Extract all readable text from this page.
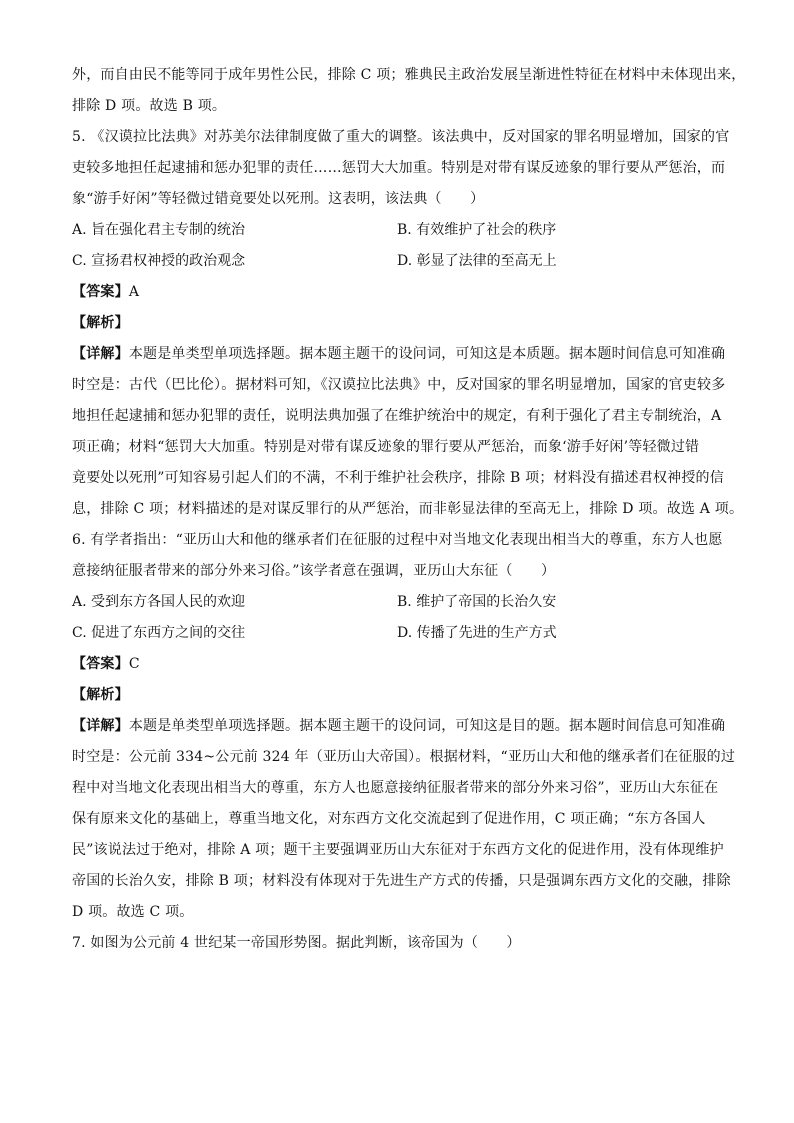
外，而自由民不能等同于成年男性公民，排除 C 项；雅典民主政治发展呈渐进性特征在材料中未体现出来，
排除 D 项。故选 B 项。
5. 《汉谟拉比法典》对苏美尔法律制度做了重大的调整。该法典中，反对国家的罪名明显增加，国家的官
吏较多地担任起逮捕和惩办犯罪的责任……惩罚大大加重。特别是对带有谋反迹象的罪行要从严惩治，而
象“游手好闲”等轻微过错竟要处以死刑。这表明，该法典（　　）
A. 旨在强化君主专制的统治	B. 有效维护了社会的秩序
C. 宣扬君权神授的政治观念	D. 彰显了法律的至高无上
【答案】A
【解析】
【详解】本题是单类型单项选择题。据本题主题干的设问词，可知这是本质题。据本题时间信息可知准确
时空是：古代（巴比伦）。据材料可知，《汉谟拉比法典》中，反对国家的罪名明显增加，国家的官吏较多
地担任起逮捕和惩办犯罪的责任，说明法典加强了在维护统治中的规定，有利于强化了君主专制统治，A
项正确；材料“惩罚大大加重。特别是对带有谋反迹象的罪行要从严惩治，而象‘游手好闲’等轻微过错
竟要处以死刑”可知容易引起人们的不满，不利于维护社会秩序，排除 B 项；材料没有描述君权神授的信
息，排除 C 项；材料描述的是对谋反罪行的从严惩治，而非彰显法律的至高无上，排除 D 项。故选 A 项。
6. 有学者指出：“亚历山大和他的继承者们在征服的过程中对当地文化表现出相当大的尊重，东方人也愿
意接纳征服者带来的部分外来习俗。”该学者意在强调，亚历山大东征（　　）
A. 受到东方各国人民的欢迎	B. 维护了帝国的长治久安
C. 促进了东西方之间的交往	D. 传播了先进的生产方式
【答案】C
【解析】
【详解】本题是单类型单项选择题。据本题主题干的设问词，可知这是目的题。据本题时间信息可知准确
时空是：公元前 334~公元前 324 年（亚历山大帝国）。根据材料，“亚历山大和他的继承者们在征服的过
程中对当地文化表现出相当大的尊重，东方人也愿意接纳征服者带来的部分外来习俗”，亚历山大东征在
保有原来文化的基础上，尊重当地文化，对东西方文化交流起到了促进作用，C 项正确；“东方各国人
民”该说法过于绝对，排除 A 项；题干主要强调亚历山大东征对于东西方文化的促进作用，没有体现维护
帝国的长治久安，排除 B 项；材料没有体现对于先进生产方式的传播，只是强调东西方文化的交融，排除
D 项。故选 C 项。
7. 如图为公元前 4 世纪某一帝国形势图。据此判断，该帝国为（　　）
